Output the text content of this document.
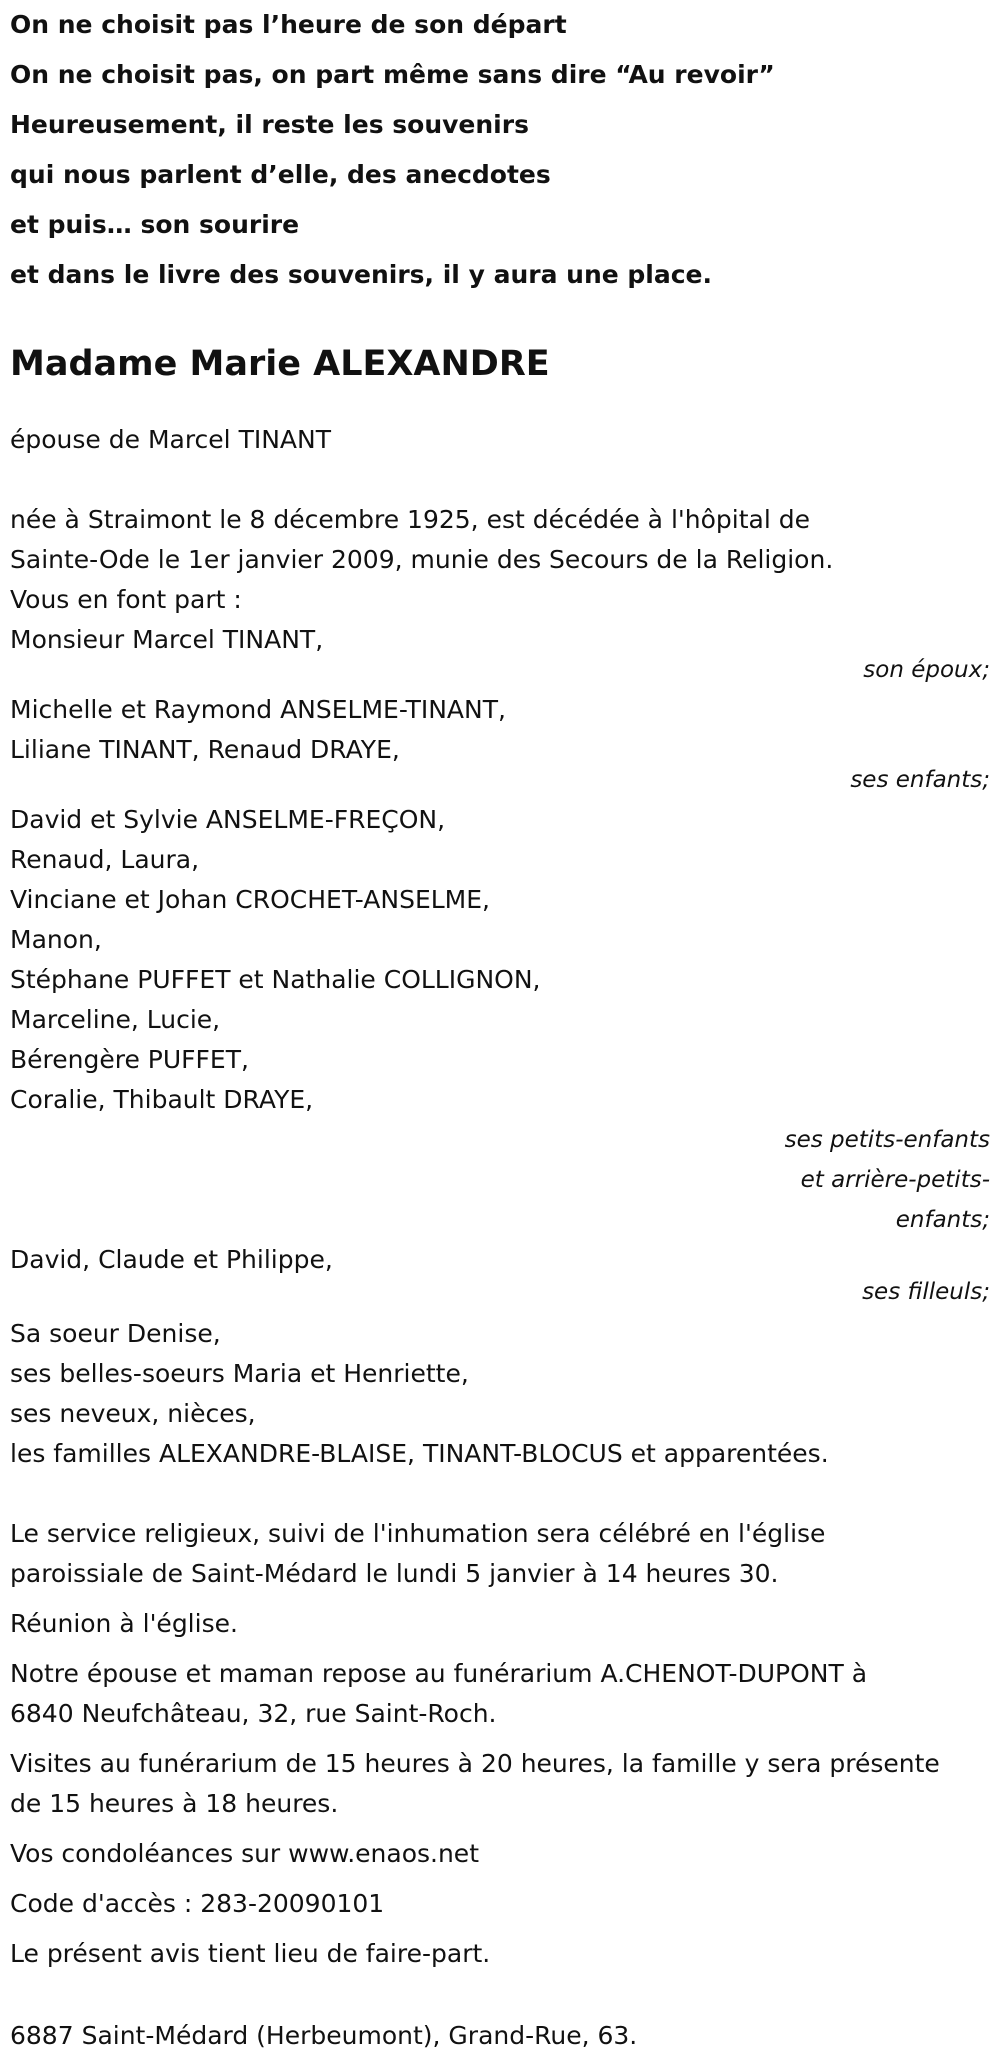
On ne choisit pas l’heure de son départ
On ne choisit pas, on part même sans dire “Au revoir”
Heureusement, il reste les souvenirs
qui nous parlent d’elle, des anecdotes
et puis… son sourire
et dans le livre des souvenirs, il y aura une place.
Madame Marie ALEXANDRE
épouse de Marcel TINANT
née à Straimont le 8 décembre 1925, est décédée à l'hôpital de
Sainte-Ode le 1er janvier 2009, munie des Secours de la Religion.
Vous en font part :
Monsieur Marcel TINANT,
son époux;
Michelle et Raymond ANSELME-TINANT,
Liliane TINANT, Renaud DRAYE,
ses enfants;
David et Sylvie ANSELME-FREÇON,
Renaud, Laura,
Vinciane et Johan CROCHET-ANSELME,
Manon,
Stéphane PUFFET et Nathalie COLLIGNON,
Marceline, Lucie,
Bérengère PUFFET,
Coralie, Thibault DRAYE,
ses petits-enfants
et arrière-petits-
enfants;
David, Claude et Philippe,
ses filleuls;
Sa soeur Denise,
ses belles-soeurs Maria et Henriette,
ses neveux, nièces,
les familles ALEXANDRE-BLAISE, TINANT-BLOCUS et apparentées.
Le service religieux, suivi de l'inhumation sera célébré en l'église
paroissiale de Saint-Médard le lundi 5 janvier à 14 heures 30.
Réunion à l'église.
Notre épouse et maman repose au funérarium A.CHENOT-DUPONT à
6840 Neufchâteau, 32, rue Saint-Roch.
Visites au funérarium de 15 heures à 20 heures, la famille y sera présente
de 15 heures à 18 heures.
Vos condoléances sur www.enaos.net
Code d'accès : 283-20090101
Le présent avis tient lieu de faire-part.
6887 Saint-Médard (Herbeumont), Grand-Rue, 63.
